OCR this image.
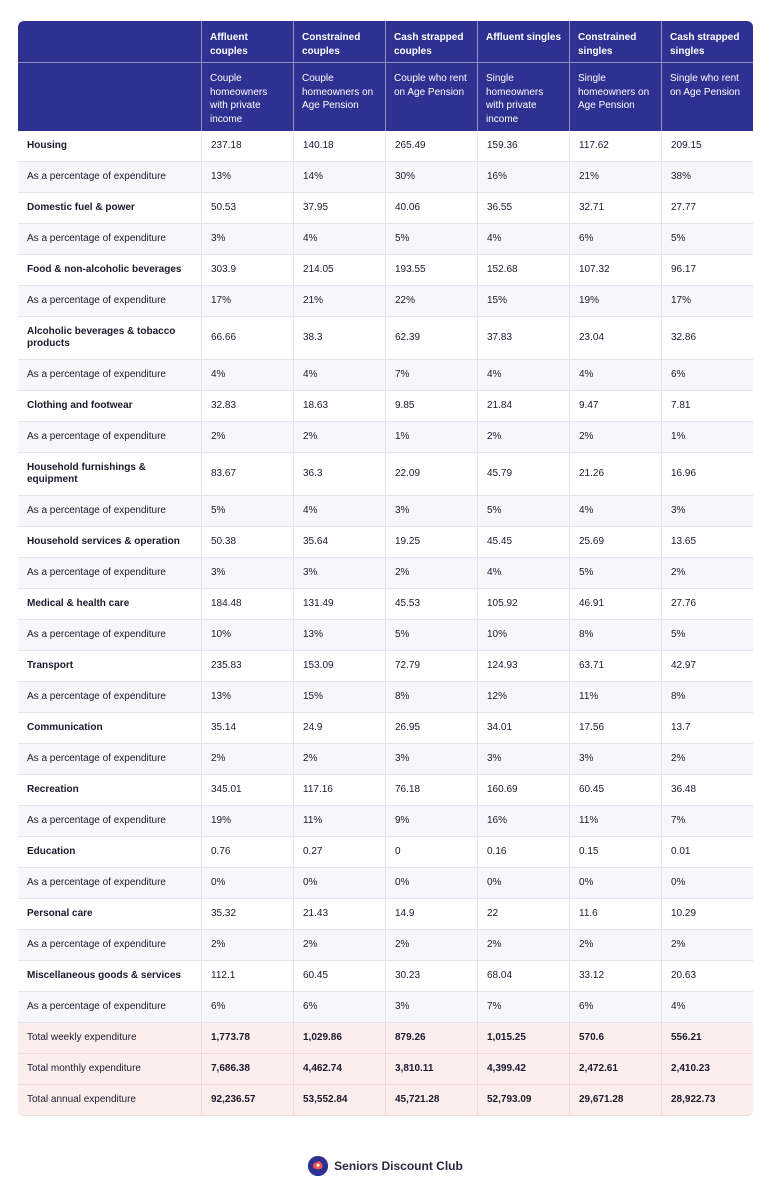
	Affluent couples	Constrained couples	Cash strapped couples	Affluent singles	Constrained singles	Cash strapped singles
	Couple homeowners with private income	Couple homeowners on Age Pension	Couple who rent on Age Pension	Single homeowners with private income	Single homeowners on Age Pension	Single who rent on Age Pension
Housing	237.18	140.18	265.49	159.36	117.62	209.15
As a percentage of expenditure	13%	14%	30%	16%	21%	38%
Domestic fuel & power	50.53	37.95	40.06	36.55	32.71	27.77
As a percentage of expenditure	3%	4%	5%	4%	6%	5%
Food & non-alcoholic beverages	303.9	214.05	193.55	152.68	107.32	96.17
As a percentage of expenditure	17%	21%	22%	15%	19%	17%
Alcoholic beverages & tobacco products	66.66	38.3	62.39	37.83	23.04	32.86
As a percentage of expenditure	4%	4%	7%	4%	4%	6%
Clothing and footwear	32.83	18.63	9.85	21.84	9.47	7.81
As a percentage of expenditure	2%	2%	1%	2%	2%	1%
Household furnishings & equipment	83.67	36.3	22.09	45.79	21.26	16.96
As a percentage of expenditure	5%	4%	3%	5%	4%	3%
Household services & operation	50.38	35.64	19.25	45.45	25.69	13.65
As a percentage of expenditure	3%	3%	2%	4%	5%	2%
Medical & health care	184.48	131.49	45.53	105.92	46.91	27.76
As a percentage of expenditure	10%	13%	5%	10%	8%	5%
Transport	235.83	153.09	72.79	124.93	63.71	42.97
As a percentage of expenditure	13%	15%	8%	12%	11%	8%
Communication	35.14	24.9	26.95	34.01	17.56	13.7
As a percentage of expenditure	2%	2%	3%	3%	3%	2%
Recreation	345.01	117.16	76.18	160.69	60.45	36.48
As a percentage of expenditure	19%	11%	9%	16%	11%	7%
Education	0.76	0.27	0	0.16	0.15	0.01
As a percentage of expenditure	0%	0%	0%	0%	0%	0%
Personal care	35.32	21.43	14.9	22	11.6	10.29
As a percentage of expenditure	2%	2%	2%	2%	2%	2%
Miscellaneous goods & services	112.1	60.45	30.23	68.04	33.12	20.63
As a percentage of expenditure	6%	6%	3%	7%	6%	4%
Total weekly expenditure	1,773.78	1,029.86	879.26	1,015.25	570.6	556.21
Total monthly expenditure	7,686.38	4,462.74	3,810.11	4,399.42	2,472.61	2,410.23
Total annual expenditure	92,236.57	53,552.84	45,721.28	52,793.09	29,671.28	28,922.73
Seniors Discount Club
